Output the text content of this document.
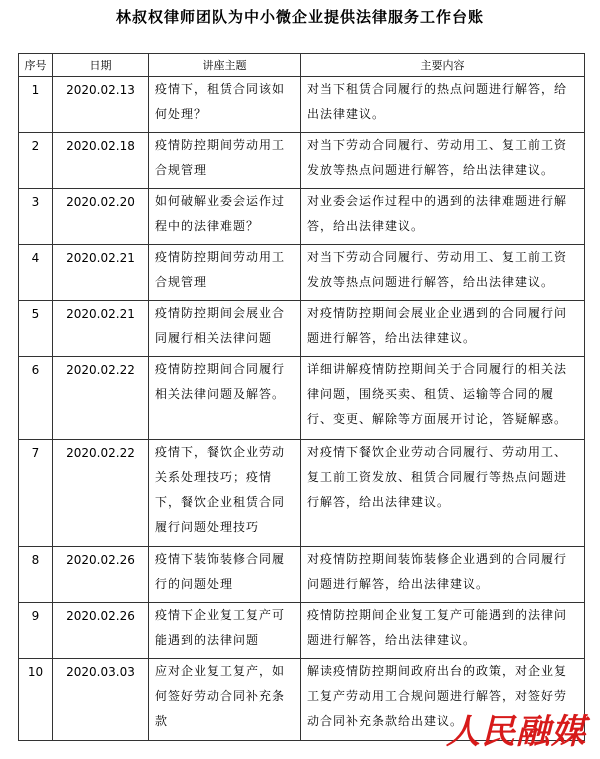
林叔权律师团队为中小微企业提供法律服务工作台账
序号	日期	讲座主题	主要内容
1	2020.02.13	疫情下，租赁合同该如何处理？	对当下租赁合同履行的热点问题进行解答，给出法律建议。
2	2020.02.18	疫情防控期间劳动用工合规管理	对当下劳动合同履行、劳动用工、复工前工资发放等热点问题进行解答，给出法律建议。
3	2020.02.20	如何破解业委会运作过程中的法律难题？	对业委会运作过程中的遇到的法律难题进行解答，给出法律建议。
4	2020.02.21	疫情防控期间劳动用工合规管理	对当下劳动合同履行、劳动用工、复工前工资发放等热点问题进行解答，给出法律建议。
5	2020.02.21	疫情防控期间会展业合同履行相关法律问题	对疫情防控期间会展业企业遇到的合同履行问题进行解答，给出法律建议。
6	2020.02.22	疫情防控期间合同履行相关法律问题及解答。	详细讲解疫情防控期间关于合同履行的相关法律问题，围绕买卖、租赁、运输等合同的履行、变更、解除等方面展开讨论，答疑解惑。
7	2020.02.22	疫情下，餐饮企业劳动关系处理技巧；疫情下，餐饮企业租赁合同履行问题处理技巧	对疫情下餐饮企业劳动合同履行、劳动用工、复工前工资发放、租赁合同履行等热点问题进行解答，给出法律建议。
8	2020.02.26	疫情下装饰装修合同履行的问题处理	对疫情防控期间装饰装修企业遇到的合同履行问题进行解答，给出法律建议。
9	2020.02.26	疫情下企业复工复产可能遇到的法律问题	疫情防控期间企业复工复产可能遇到的法律问题进行解答，给出法律建议。
10	2020.03.03	应对企业复工复产，如何签好劳动合同补充条款	解读疫情防控期间政府出台的政策，对企业复工复产劳动用工合规问题进行解答，对签好劳动合同补充条款给出建议。
人民融媒
